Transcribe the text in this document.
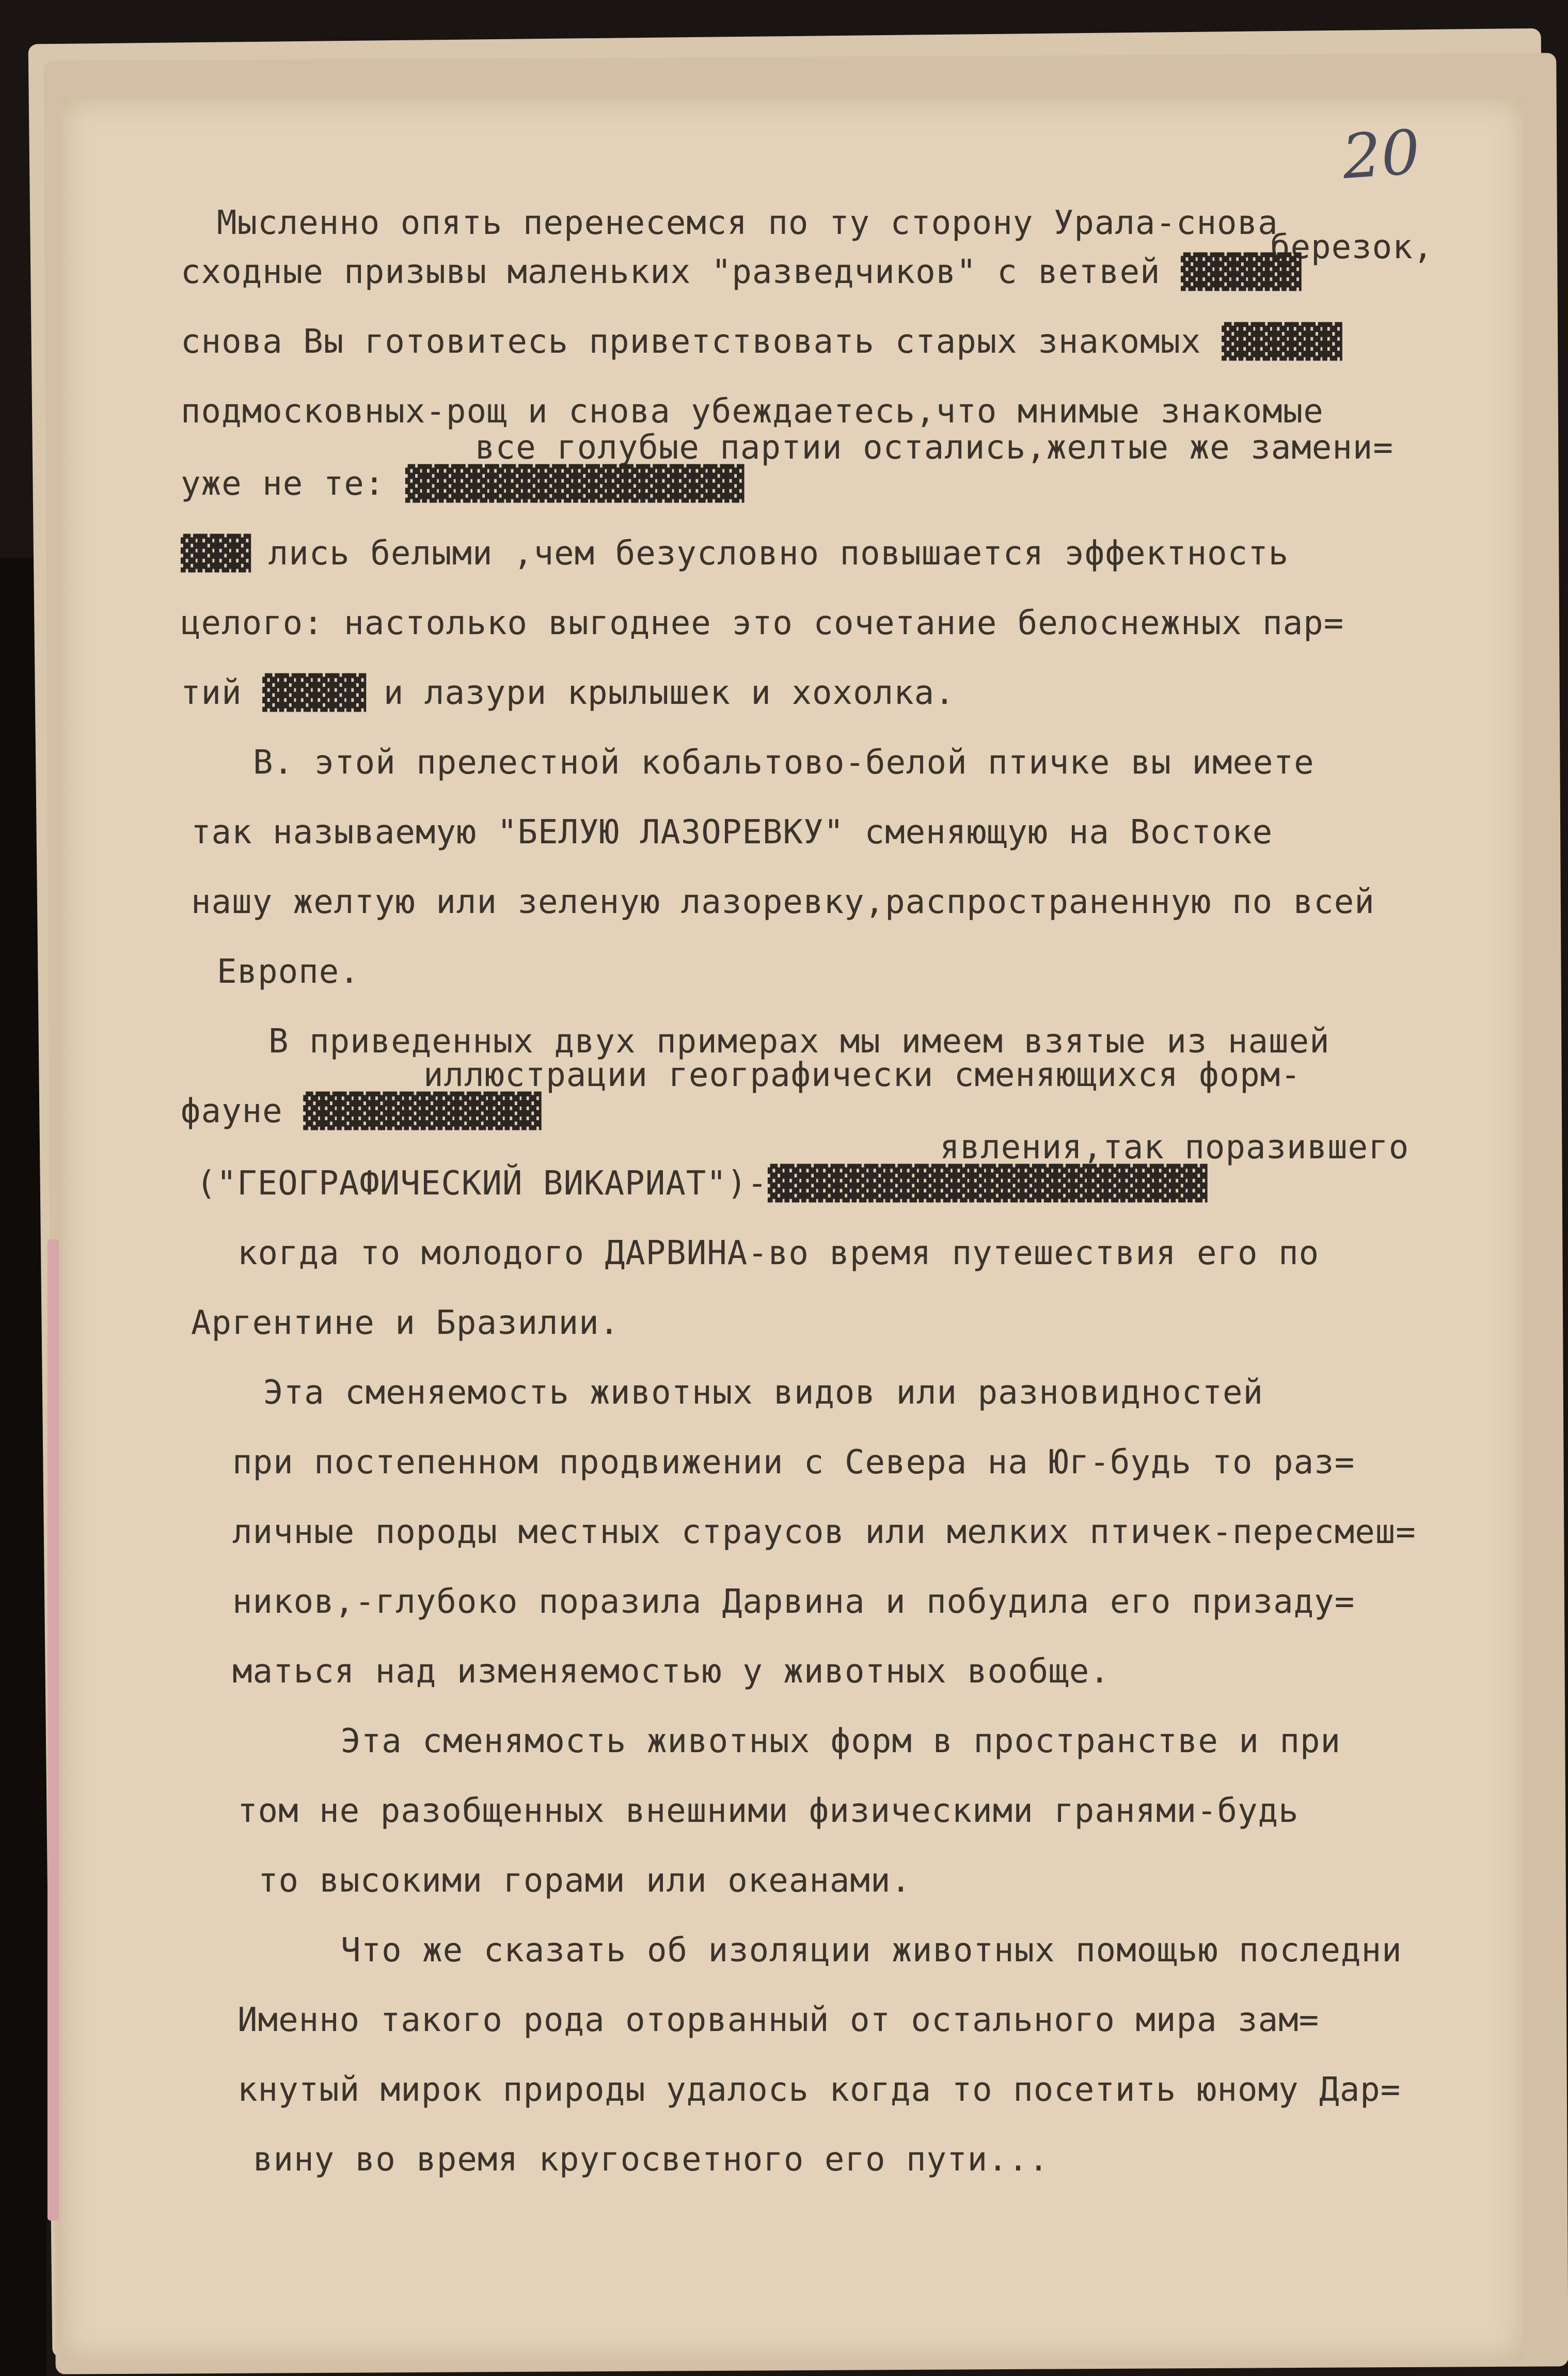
20
Мысленно опять перенесемся по ту сторону Урала-снова
березок,
сходные призывы маленьких "разведчиков" с ветвей ▓▓▓▓▓▓▓
снова Вы готовитесь приветствовать старых знакомых ▓▓▓▓▓▓▓
подмосковных-рощ и снова убеждаетесь,что мнимые знакомые
все голубые партии остались,желтые же замени=
уже не те: ▓▓▓▓▓▓▓▓▓▓▓▓▓▓▓▓▓▓▓▓
▓▓▓▓ лись белыми ,чем безусловно повышается эффектность
целого: настолько выгоднее это сочетание белоснежных пар=
тий ▓▓▓▓▓▓ и лазури крылышек и хохолка.
В. этой прелестной кобальтово-белой птичке вы имеете
так называемую "БЕЛУЮ ЛАЗОРЕВКУ" сменяющую на Востоке
нашу желтую или зеленую лазоревку,распространенную по всей
Европе.
В приведенных двух примерах мы имеем взятые из нашей
иллюстрации географически сменяющихся форм-
фауне ▓▓▓▓▓▓▓▓▓▓▓▓▓▓
явления,так поразившего
("ГЕОГРАФИЧЕСКИЙ ВИКАРИАТ")-▓▓▓▓▓▓▓▓▓▓▓▓▓▓▓▓▓▓▓▓▓▓▓▓▓▓
когда то молодого ДАРВИНА-во время путешествия его по
Аргентине и Бразилии.
Эта сменяемость животных видов или разновидностей
при постепенном продвижении с Севера на Юг-будь то раз=
личные породы местных страусов или мелких птичек-пересмеш=
ников,-глубоко поразила Дарвина и побудила его призаду=
маться над изменяемостью у животных вообще.
Эта сменямость животных форм в пространстве и при
том не разобщенных внешними физическими гранями-будь
то высокими горами или океанами.
Что же сказать об изоляции животных помощью последни
Именно такого рода оторванный от остального мира зам=
кнутый мирок природы удалось когда то посетить юному Дар=
вину во время кругосветного его пути...
